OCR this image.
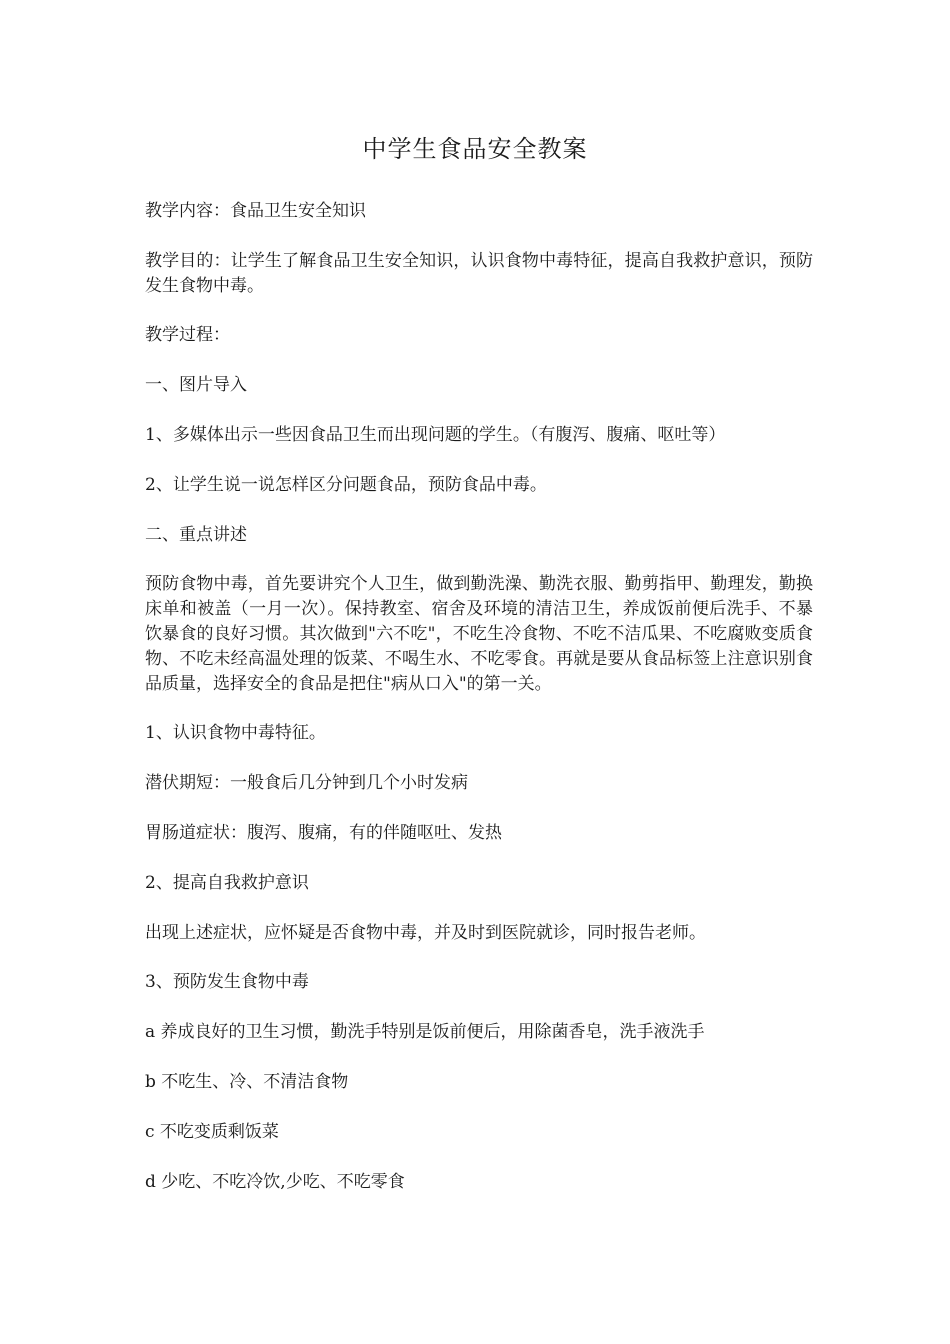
中学生食品安全教案

教学内容：食品卫生安全知识

教学目的：让学生了解食品卫生安全知识，认识食物中毒特征，提高自我救护意识，预防发生食物中毒。

教学过程：

一、图片导入

1、多媒体出示一些因食品卫生而出现问题的学生。（有腹泻、腹痛、呕吐等）

2、让学生说一说怎样区分问题食品，预防食品中毒。

二、重点讲述

预防食物中毒，首先要讲究个人卫生，做到勤洗澡、勤洗衣服、勤剪指甲、勤理发，勤换床单和被盖（一月一次）。保持教室、宿舍及环境的清洁卫生，养成饭前便后洗手、不暴饮暴食的良好习惯。其次做到"六不吃"，不吃生冷食物、不吃不洁瓜果、不吃腐败变质食物、不吃未经高温处理的饭菜、不喝生水、不吃零食。再就是要从食品标签上注意识别食品质量，选择安全的食品是把住"病从口入"的第一关。

1、认识食物中毒特征。

潜伏期短：一般食后几分钟到几个小时发病

胃肠道症状：腹泻、腹痛，有的伴随呕吐、发热

2、提高自我救护意识

出现上述症状，应怀疑是否食物中毒，并及时到医院就诊，同时报告老师。

3、预防发生食物中毒

a 养成良好的卫生习惯，勤洗手特别是饭前便后，用除菌香皂，洗手液洗手

b 不吃生、冷、不清洁食物

c 不吃变质剩饭菜

d 少吃、不吃冷饮,少吃、不吃零食
